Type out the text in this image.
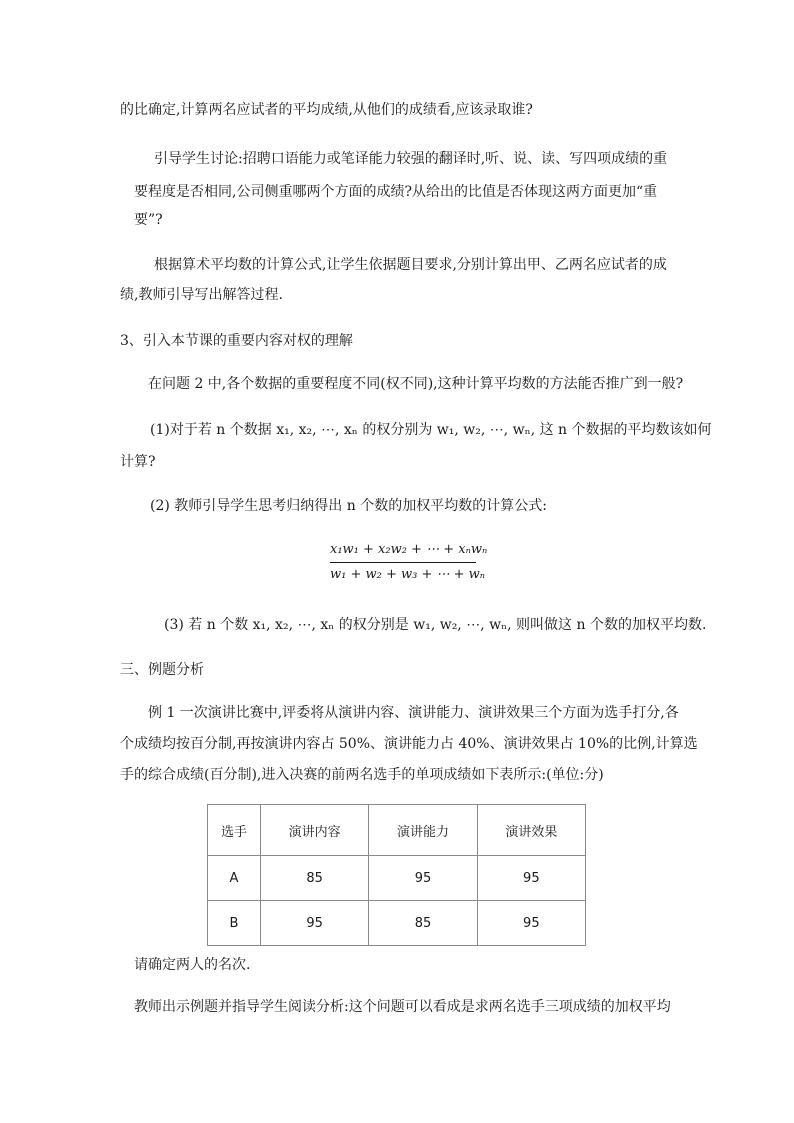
的比确定,计算两名应试者的平均成绩,从他们的成绩看,应该录取谁?
引导学生讨论:招聘口语能力或笔译能力较强的翻译时,听、说、读、写四项成绩的重
要程度是否相同,公司侧重哪两个方面的成绩?从给出的比值是否体现这两方面更加“重
要”?
根据算术平均数的计算公式,让学生依据题目要求,分别计算出甲、乙两名应试者的成
绩,教师引导写出解答过程.
3、引入本节课的重要内容对权的理解
在问题 2 中,各个数据的重要程度不同(权不同),这种计算平均数的方法能否推广到一般?
(1)对于若 n 个数据 x₁, x₂, ⋯, xₙ 的权分别为 w₁, w₂, ⋯, wₙ, 这 n 个数据的平均数该如何
计算?
(2) 教师引导学生思考归纳得出 n 个数的加权平均数的计算公式:
x₁w₁ + x₂w₂ + ⋯ + xₙwₙ
w₁ + w₂ + w₃ + ⋯ + wₙ
(3) 若 n 个数 x₁, x₂, ⋯, xₙ 的权分别是 w₁, w₂, ⋯, wₙ, 则叫做这 n 个数的加权平均数.
三、例题分析
例 1 一次演讲比赛中,评委将从演讲内容、演讲能力、演讲效果三个方面为选手打分,各
个成绩均按百分制,再按演讲内容占 50%、演讲能力占 40%、演讲效果占 10%的比例,计算选
手的综合成绩(百分制),进入决赛的前两名选手的单项成绩如下表所示:(单位:分)
选手	演讲内容	演讲能力	演讲效果
A	85	95	95
B	95	85	95
请确定两人的名次.
教师出示例题并指导学生阅读分析:这个问题可以看成是求两名选手三项成绩的加权平均
